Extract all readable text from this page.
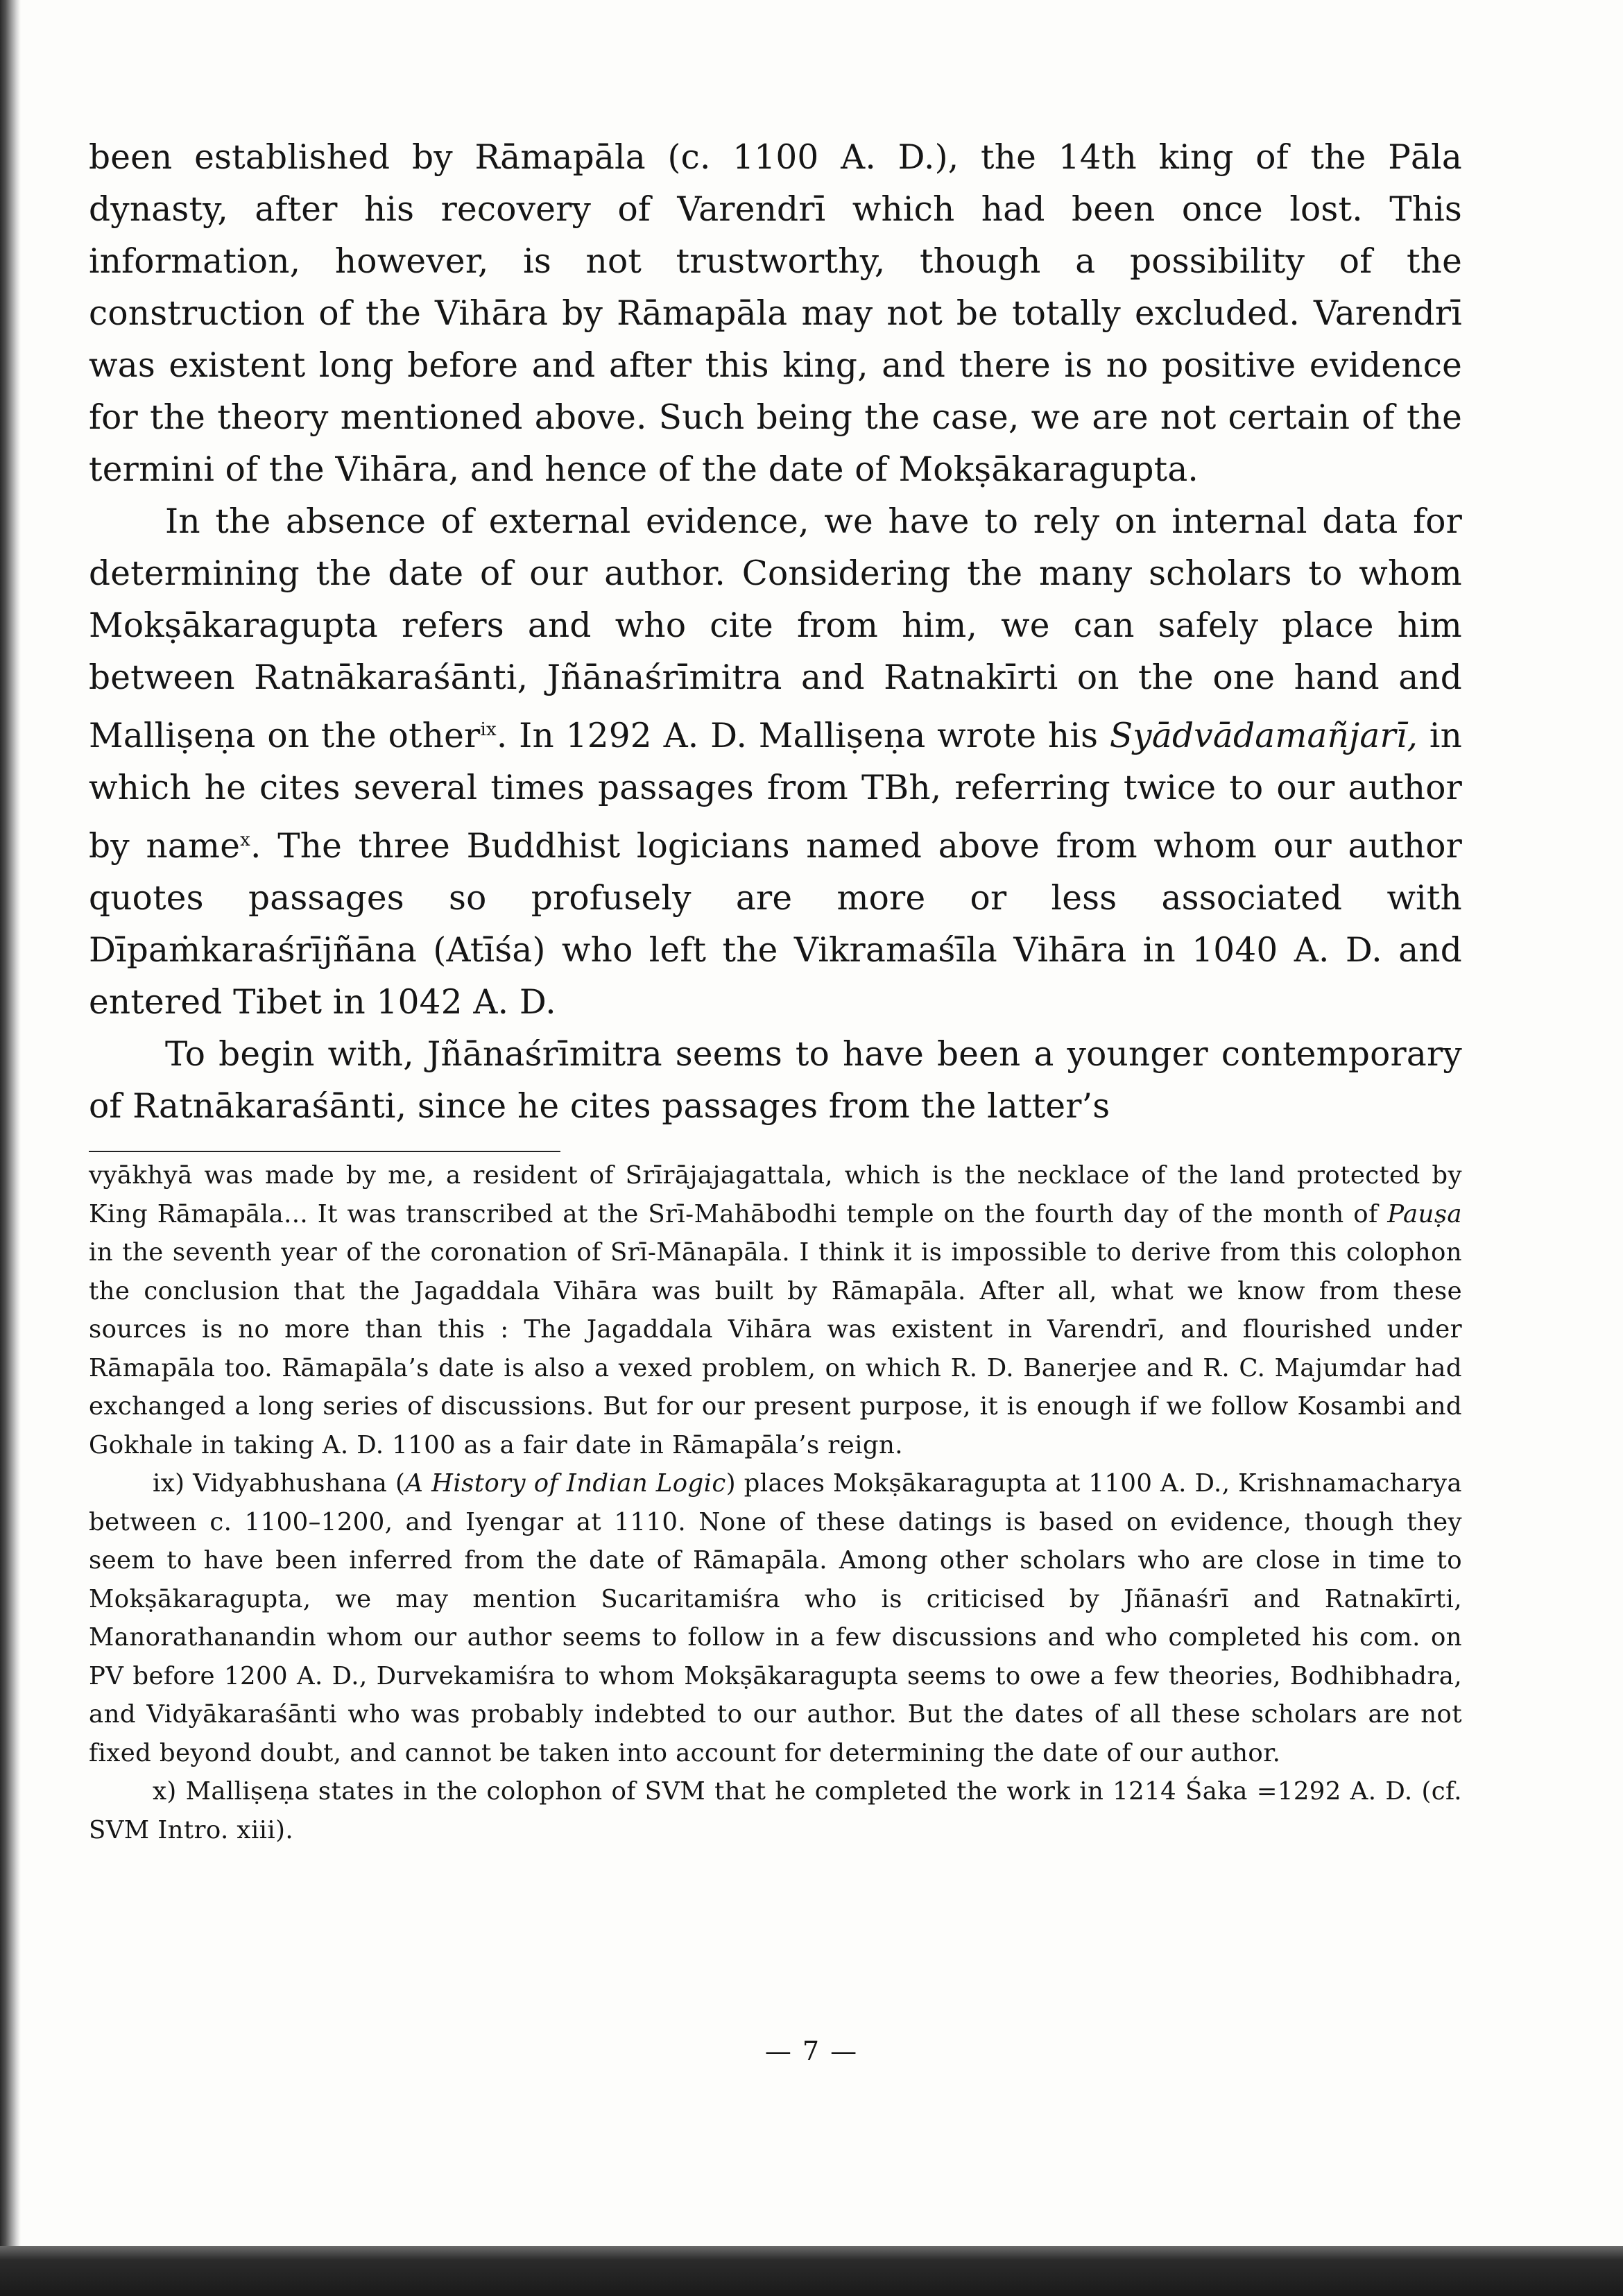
been established by Rāmapāla (c. 1100 A. D.), the 14th king of the Pāla dynasty, after his recovery of Varendrī which had been once lost. This information, however, is not trustworthy, though a possibility of the construction of the Vihāra by Rāmapāla may not be totally excluded. Varendrī was existent long before and after this king, and there is no positive evidence for the theory mentioned above. Such being the case, we are not certain of the termini of the Vihāra, and hence of the date of Mokṣākaragupta.

In the absence of external evidence, we have to rely on internal data for determining the date of our author. Considering the many scholars to whom Mokṣākaragupta refers and who cite from him, we can safely place him between Ratnākaraśānti, Jñānaśrīmitra and Ratnakīrti on the one hand and Malliṣeṇa on the other$^{ix}$. In 1292 A. D. Malliṣeṇa wrote his Syādvādamañjarī, in which he cites several times passages from TBh, referring twice to our author by name$^x$. The three Buddhist logicians named above from whom our author quotes passages so profusely are more or less associated with Dīpaṁkaraśrījñāna (Atīśa) who left the Vikramaśīla Vihāra in 1040 A. D. and entered Tibet in 1042 A. D.

To begin with, Jñānaśrīmitra seems to have been a younger contemporary of Ratnākaraśānti, since he cites passages from the latter’s

vyākhyā was made by me, a resident of Srīrājajagattala, which is the necklace of the land protected by King Rāmapāla... It was transcribed at the Srī-Mahābodhi temple on the fourth day of the month of Pauṣa in the seventh year of the coronation of Srī-Mānapāla. I think it is impossible to derive from this colophon the conclusion that the Jagaddala Vihāra was built by Rāmapāla. After all, what we know from these sources is no more than this : The Jagaddala Vihāra was existent in Varendrī, and flourished under Rāmapāla too. Rāmapāla’s date is also a vexed problem, on which R. D. Banerjee and R. C. Majumdar had exchanged a long series of discussions. But for our present purpose, it is enough if we follow Kosambi and Gokhale in taking A. D. 1100 as a fair date in Rāmapāla’s reign.

ix) Vidyabhushana (A History of Indian Logic) places Mokṣākaragupta at 1100 A. D., Krishnamacharya between c. 1100–1200, and Iyengar at 1110. None of these datings is based on evidence, though they seem to have been inferred from the date of Rāmapāla. Among other scholars who are close in time to Mokṣākaragupta, we may mention Sucaritamiśra who is criticised by Jñānaśrī and Ratnakīrti, Manorathanandin whom our author seems to follow in a few discussions and who completed his com. on PV before 1200 A. D., Durvekamiśra to whom Mokṣākaragupta seems to owe a few theories, Bodhibhadra, and Vidyākaraśānti who was probably indebted to our author. But the dates of all these scholars are not fixed beyond doubt, and cannot be taken into account for determining the date of our author.

x) Malliṣeṇa states in the colophon of SVM that he completed the work in 1214 Śaka =1292 A. D. (cf. SVM Intro. xiii).

— 7 —
